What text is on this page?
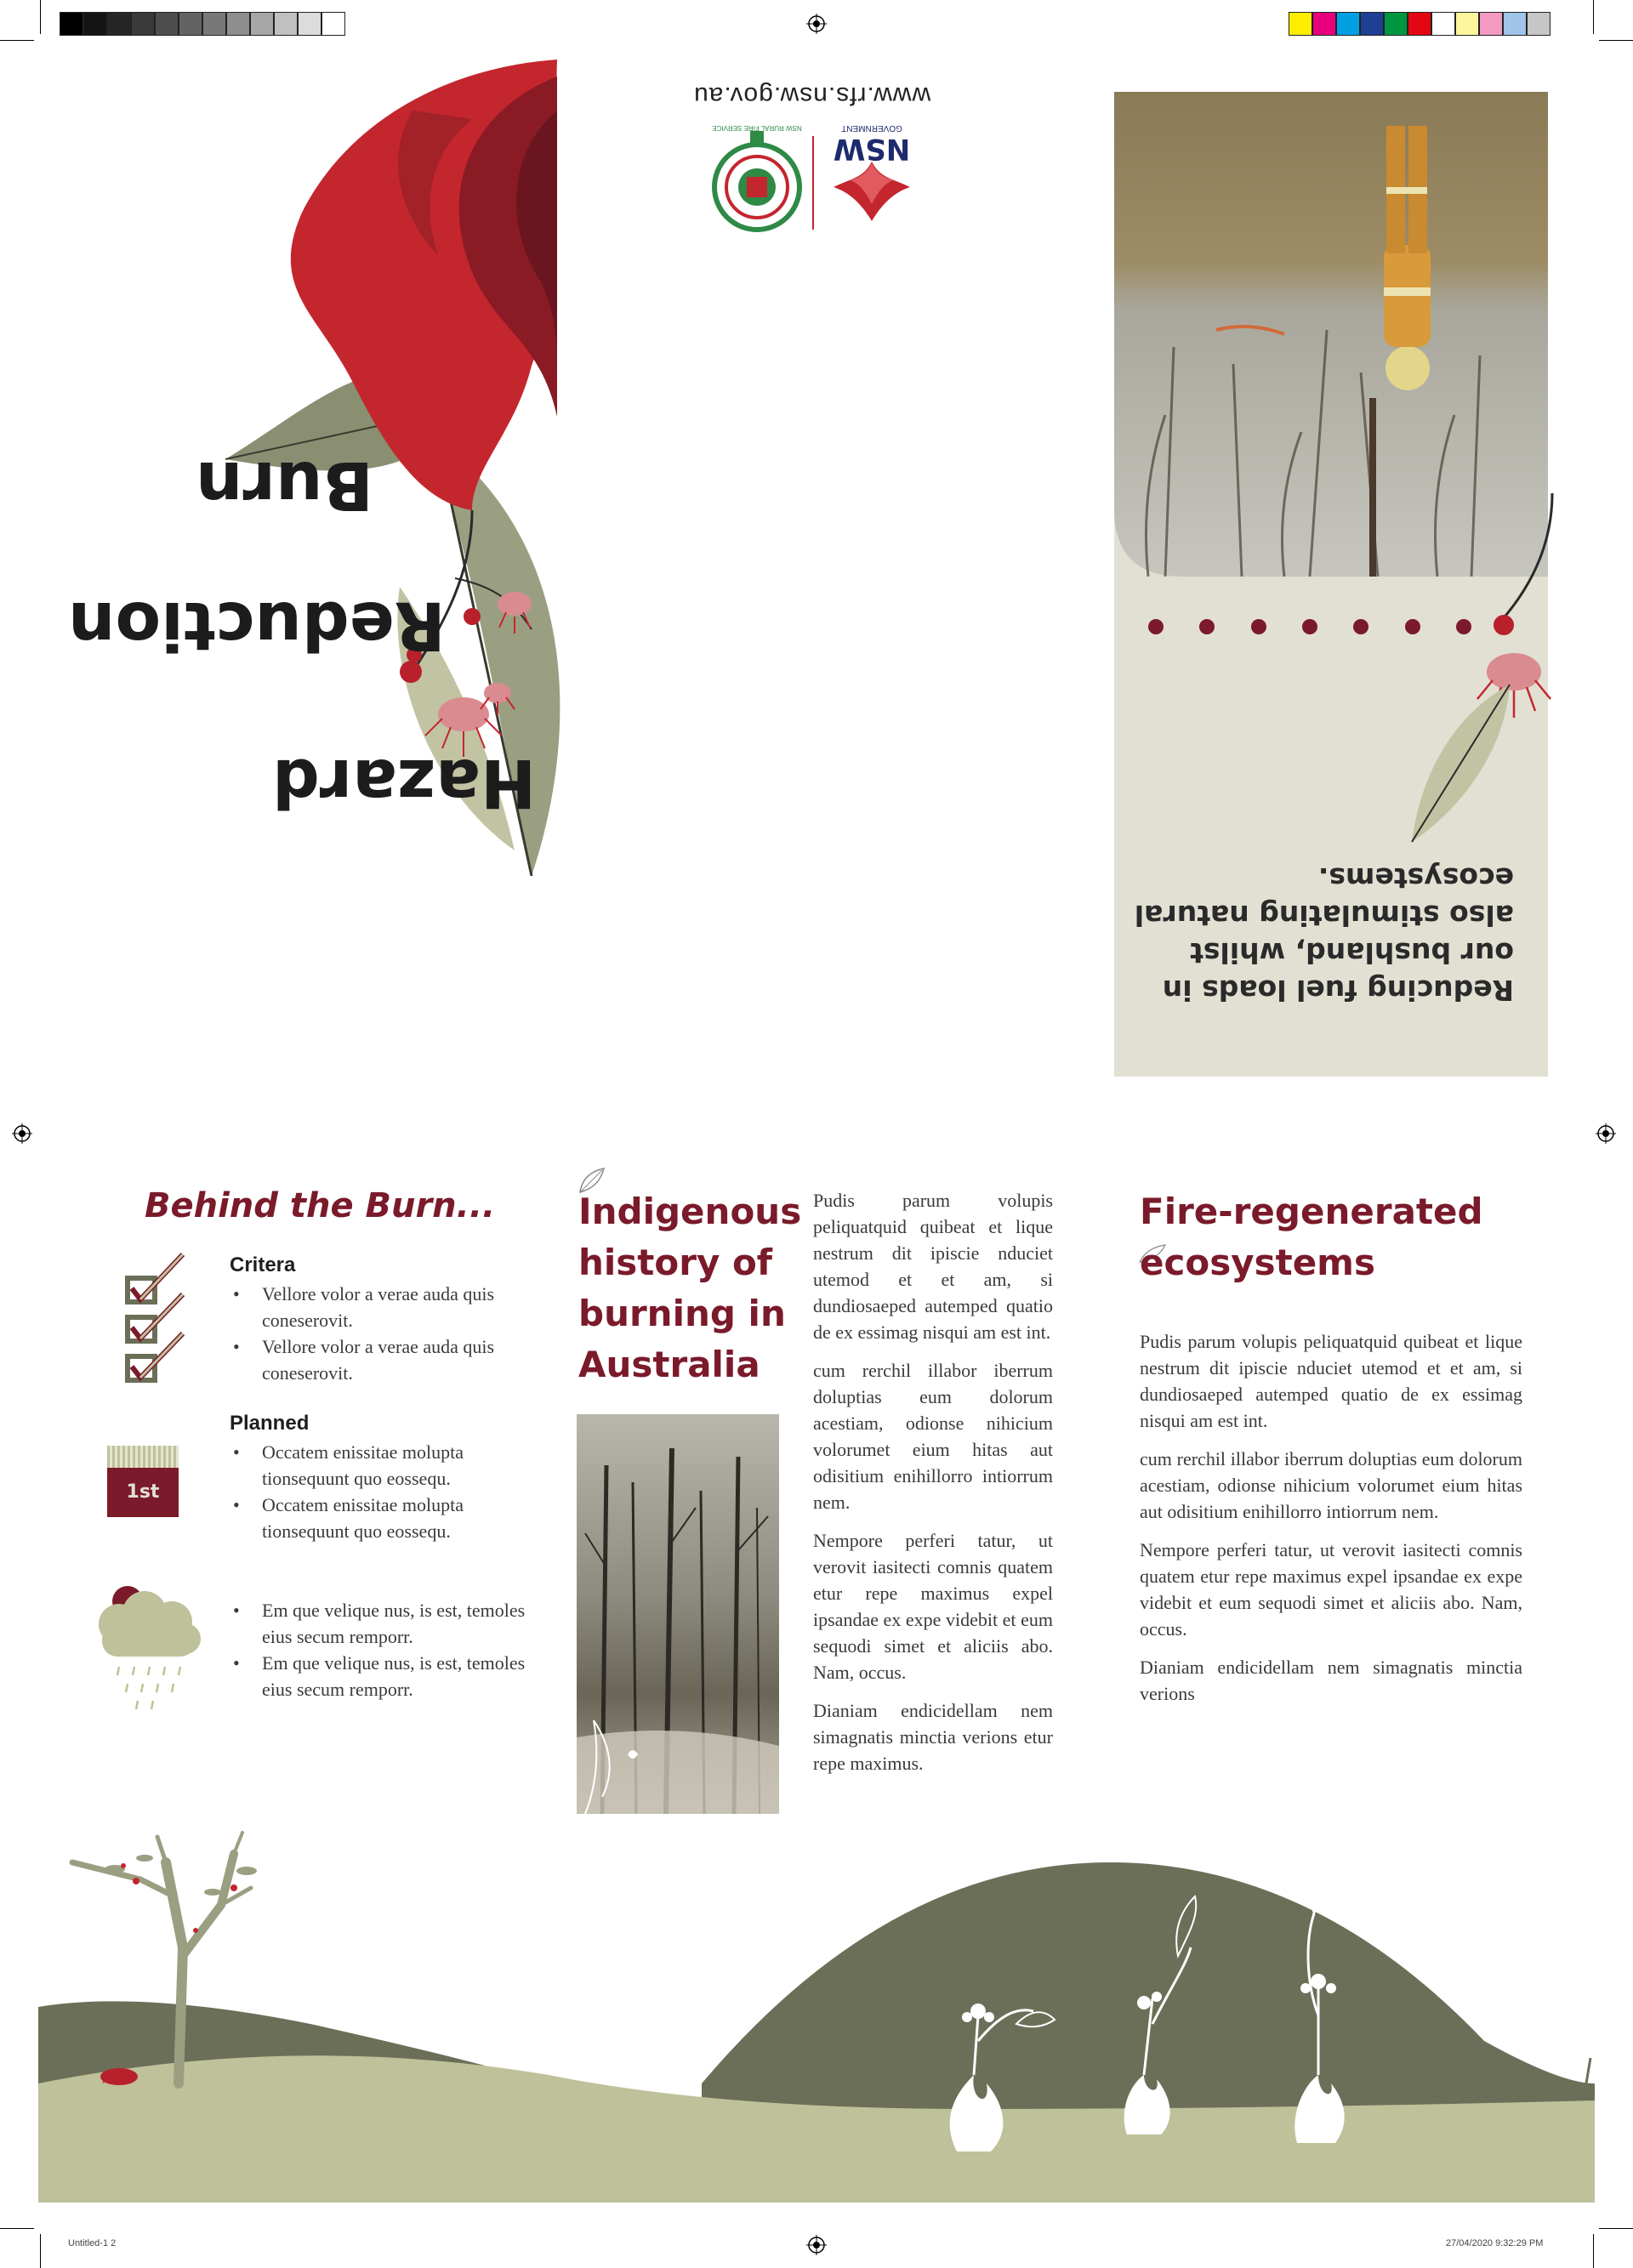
Hazard
Reduction
Burn
NSW
GOVERNMENT
NSW RURAL FIRE SERVICE
www.rfs.nsw.gov.au
Reducing fuel loads in our bushland, whilst also stimulating natural ecosystems.
Behind the Burn...
Critera
• Vellore volor a verae auda quis coneserovit.
• Vellore volor a verae auda quis coneserovit.
1st
Planned
• Occatem enissitae molupta tionsequunt quo eossequ.
• Occatem enissitae molupta tionsequunt quo eossequ.
• Em que velique nus, is est, temoles eius secum remporr.
• Em que velique nus, is est, temoles eius secum remporr.
Indigenous
history of
burning in
Australia

Pudis parum volupis peliquatquid quibeat et lique nestrum dit ipiscie nduciet utemod et et am, si dundiosaeped autemped quatio de ex essimag nisqui am est int.

cum rerchil illabor iberrum doluptias eum dolorum acestiam, odionse nihicium volorumet eium hitas aut odisitium enihillorro intiorrum nem.

Nempore perferi tatur, ut verovit iasitecti comnis quatem etur repe maximus expel ipsandae ex expe videbit et eum sequodi simet et aliciis abo. Nam, occus.

Dianiam endicidellam nem simagnatis minctia verions etur repe maximus.

Fire-regenerated
ecosystems

Pudis parum volupis peliquatquid quibeat et lique nestrum dit ipiscie nduciet utemod et et am, si dundiosaeped autemped quatio de ex essimag nisqui am est int.

cum rerchil illabor iberrum doluptias eum dolorum acestiam, odionse nihicium volorumet eium hitas aut odisitium enihillorro intiorrum nem.

Nempore perferi tatur, ut verovit iasitecti comnis quatem etur repe maximus expel ipsandae ex expe videbit et eum sequodi simet et aliciis abo. Nam, occus.

Dianiam endicidellam nem simagnatis minctia verions

Untitled-1 2	27/04/2020 9:32:29 PM
